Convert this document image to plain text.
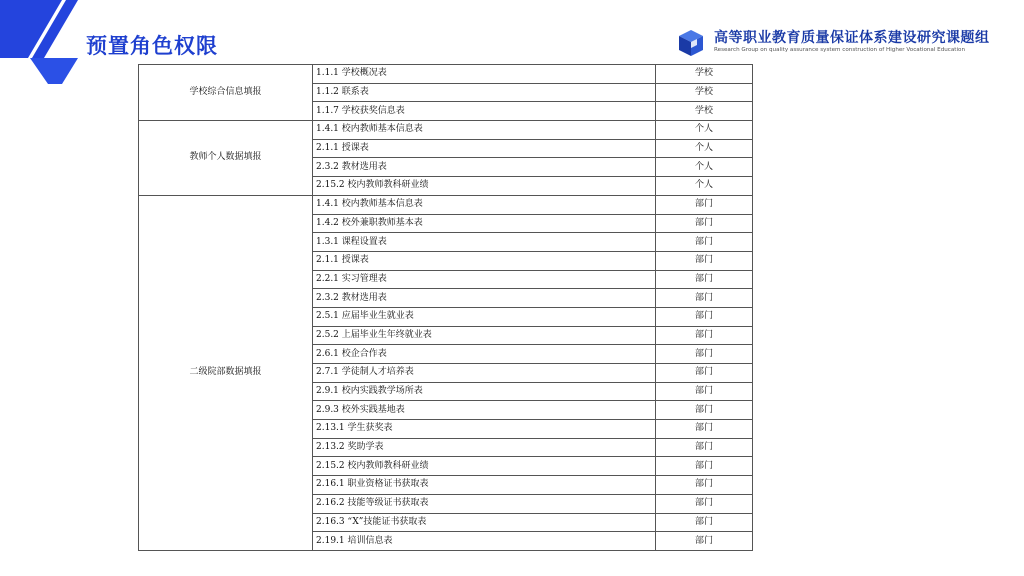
预置角色权限	高等职业教育质量保证体系建设研究课题组
Research Group on quality assurance system construction of Higher Vocational Education
学校综合信息填报	1.1.1 学校概况表	学校
	1.1.2 联系表	学校
	1.1.7 学校获奖信息表	学校
教师个人数据填报	1.4.1 校内教师基本信息表	个人
	2.1.1 授课表	个人
	2.3.2 教材选用表	个人
	2.15.2 校内教师教科研业绩	个人
二级院部数据填报	1.4.1 校内教师基本信息表	部门
	1.4.2 校外兼职教师基本表	部门
	1.3.1 课程设置表	部门
	2.1.1 授课表	部门
	2.2.1 实习管理表	部门
	2.3.2 教材选用表	部门
	2.5.1 应届毕业生就业表	部门
	2.5.2 上届毕业生年终就业表	部门
	2.6.1 校企合作表	部门
	2.7.1 学徒制人才培养表	部门
	2.9.1 校内实践教学场所表	部门
	2.9.3 校外实践基地表	部门
	2.13.1 学生获奖表	部门
	2.13.2 奖助学表	部门
	2.15.2 校内教师教科研业绩	部门
	2.16.1 职业资格证书获取表	部门
	2.16.2 技能等级证书获取表	部门
	2.16.3 “X”技能证书获取表	部门
	2.19.1 培训信息表	部门
